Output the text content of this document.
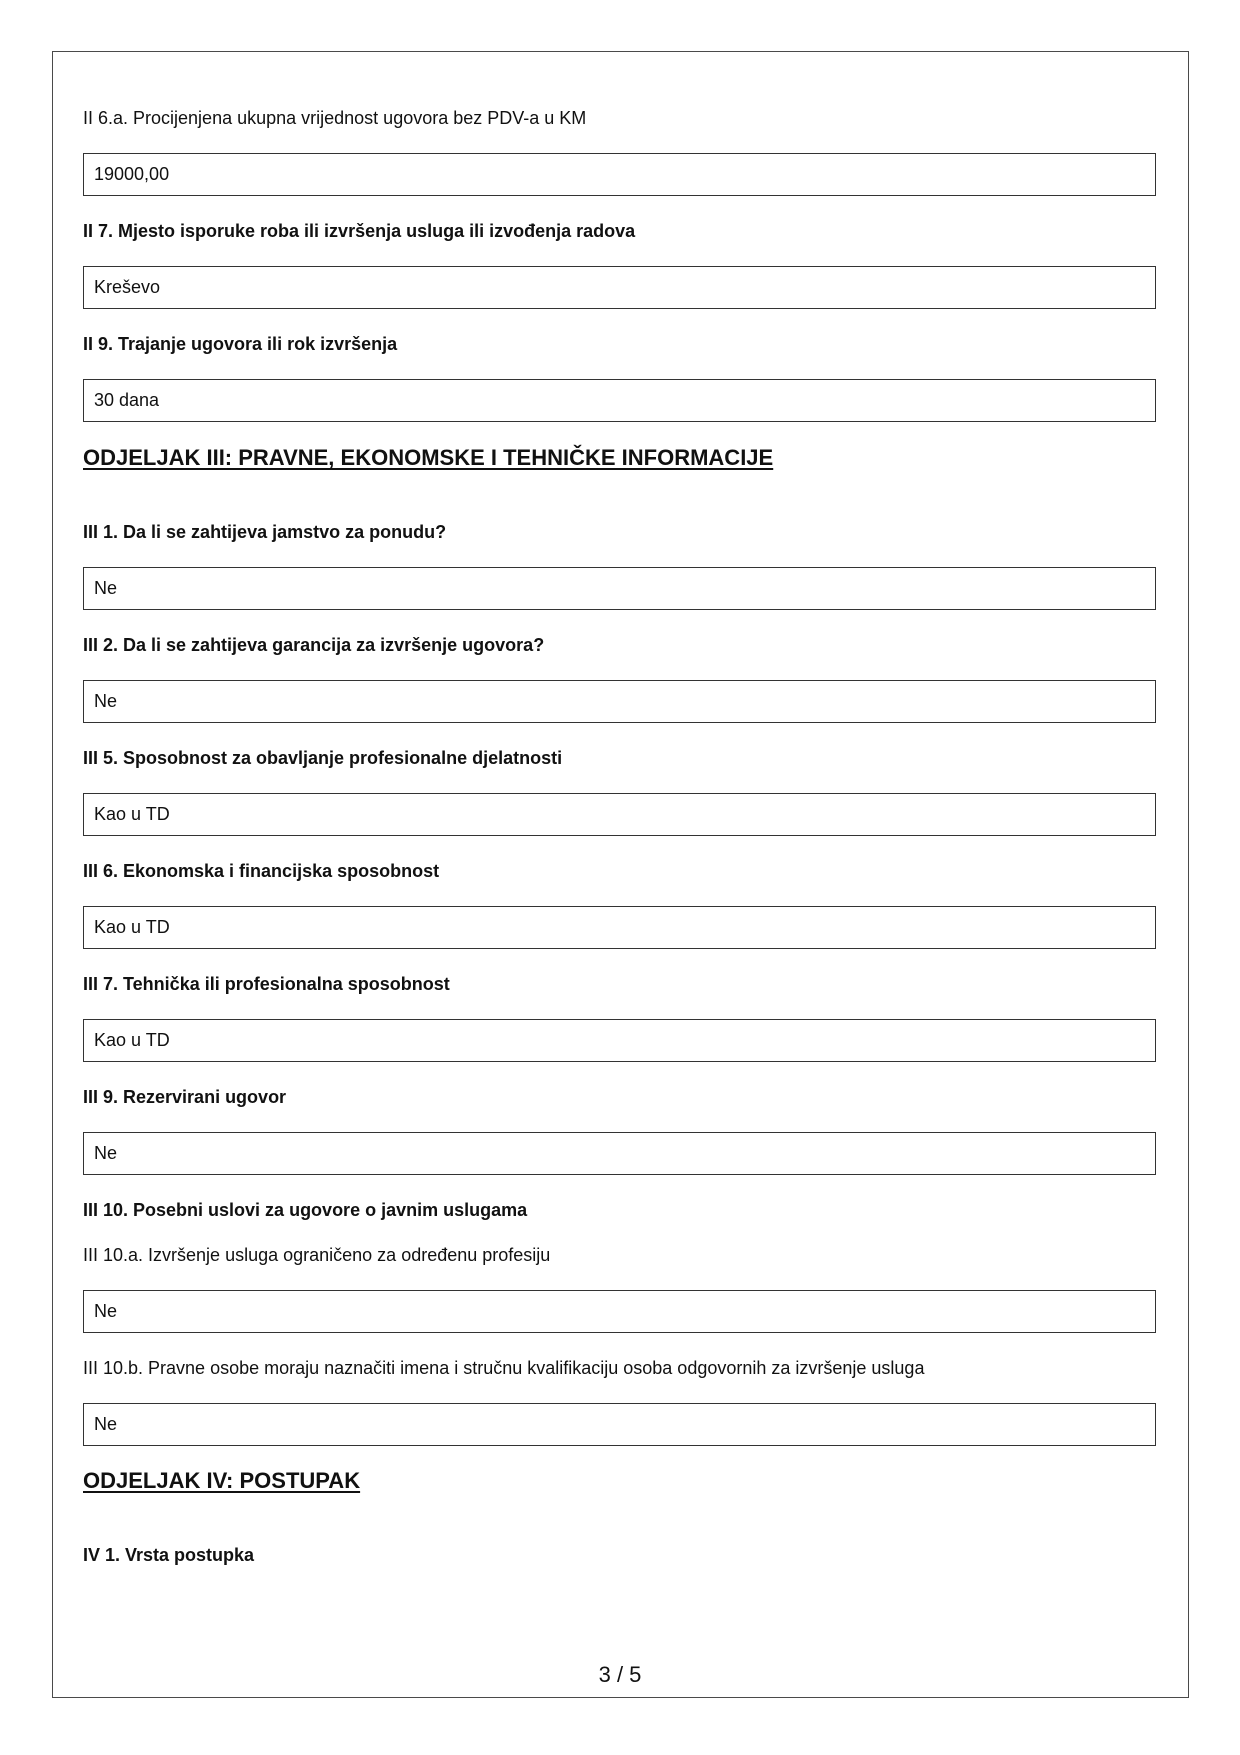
II 6.a. Procijenjena ukupna vrijednost ugovora bez PDV-a u KM
19000,00
II 7. Mjesto isporuke roba ili izvršenja usluga ili izvođenja radova
Kreševo
II 9. Trajanje ugovora ili rok izvršenja
30 dana
ODJELJAK III: PRAVNE, EKONOMSKE I TEHNIČKE INFORMACIJE
III 1. Da li se zahtijeva jamstvo za ponudu?
Ne
III 2. Da li se zahtijeva garancija za izvršenje ugovora?
Ne
III 5. Sposobnost za obavljanje profesionalne djelatnosti
Kao u TD
III 6. Ekonomska i financijska sposobnost
Kao u TD
III 7. Tehnička ili profesionalna sposobnost
Kao u TD
III 9. Rezervirani ugovor
Ne
III 10. Posebni uslovi za ugovore o javnim uslugama
III 10.a. Izvršenje usluga ograničeno za određenu profesiju
Ne
III 10.b. Pravne osobe moraju naznačiti imena i stručnu kvalifikaciju osoba odgovornih za izvršenje usluga
Ne
ODJELJAK IV: POSTUPAK
IV 1. Vrsta postupka
3 / 5
